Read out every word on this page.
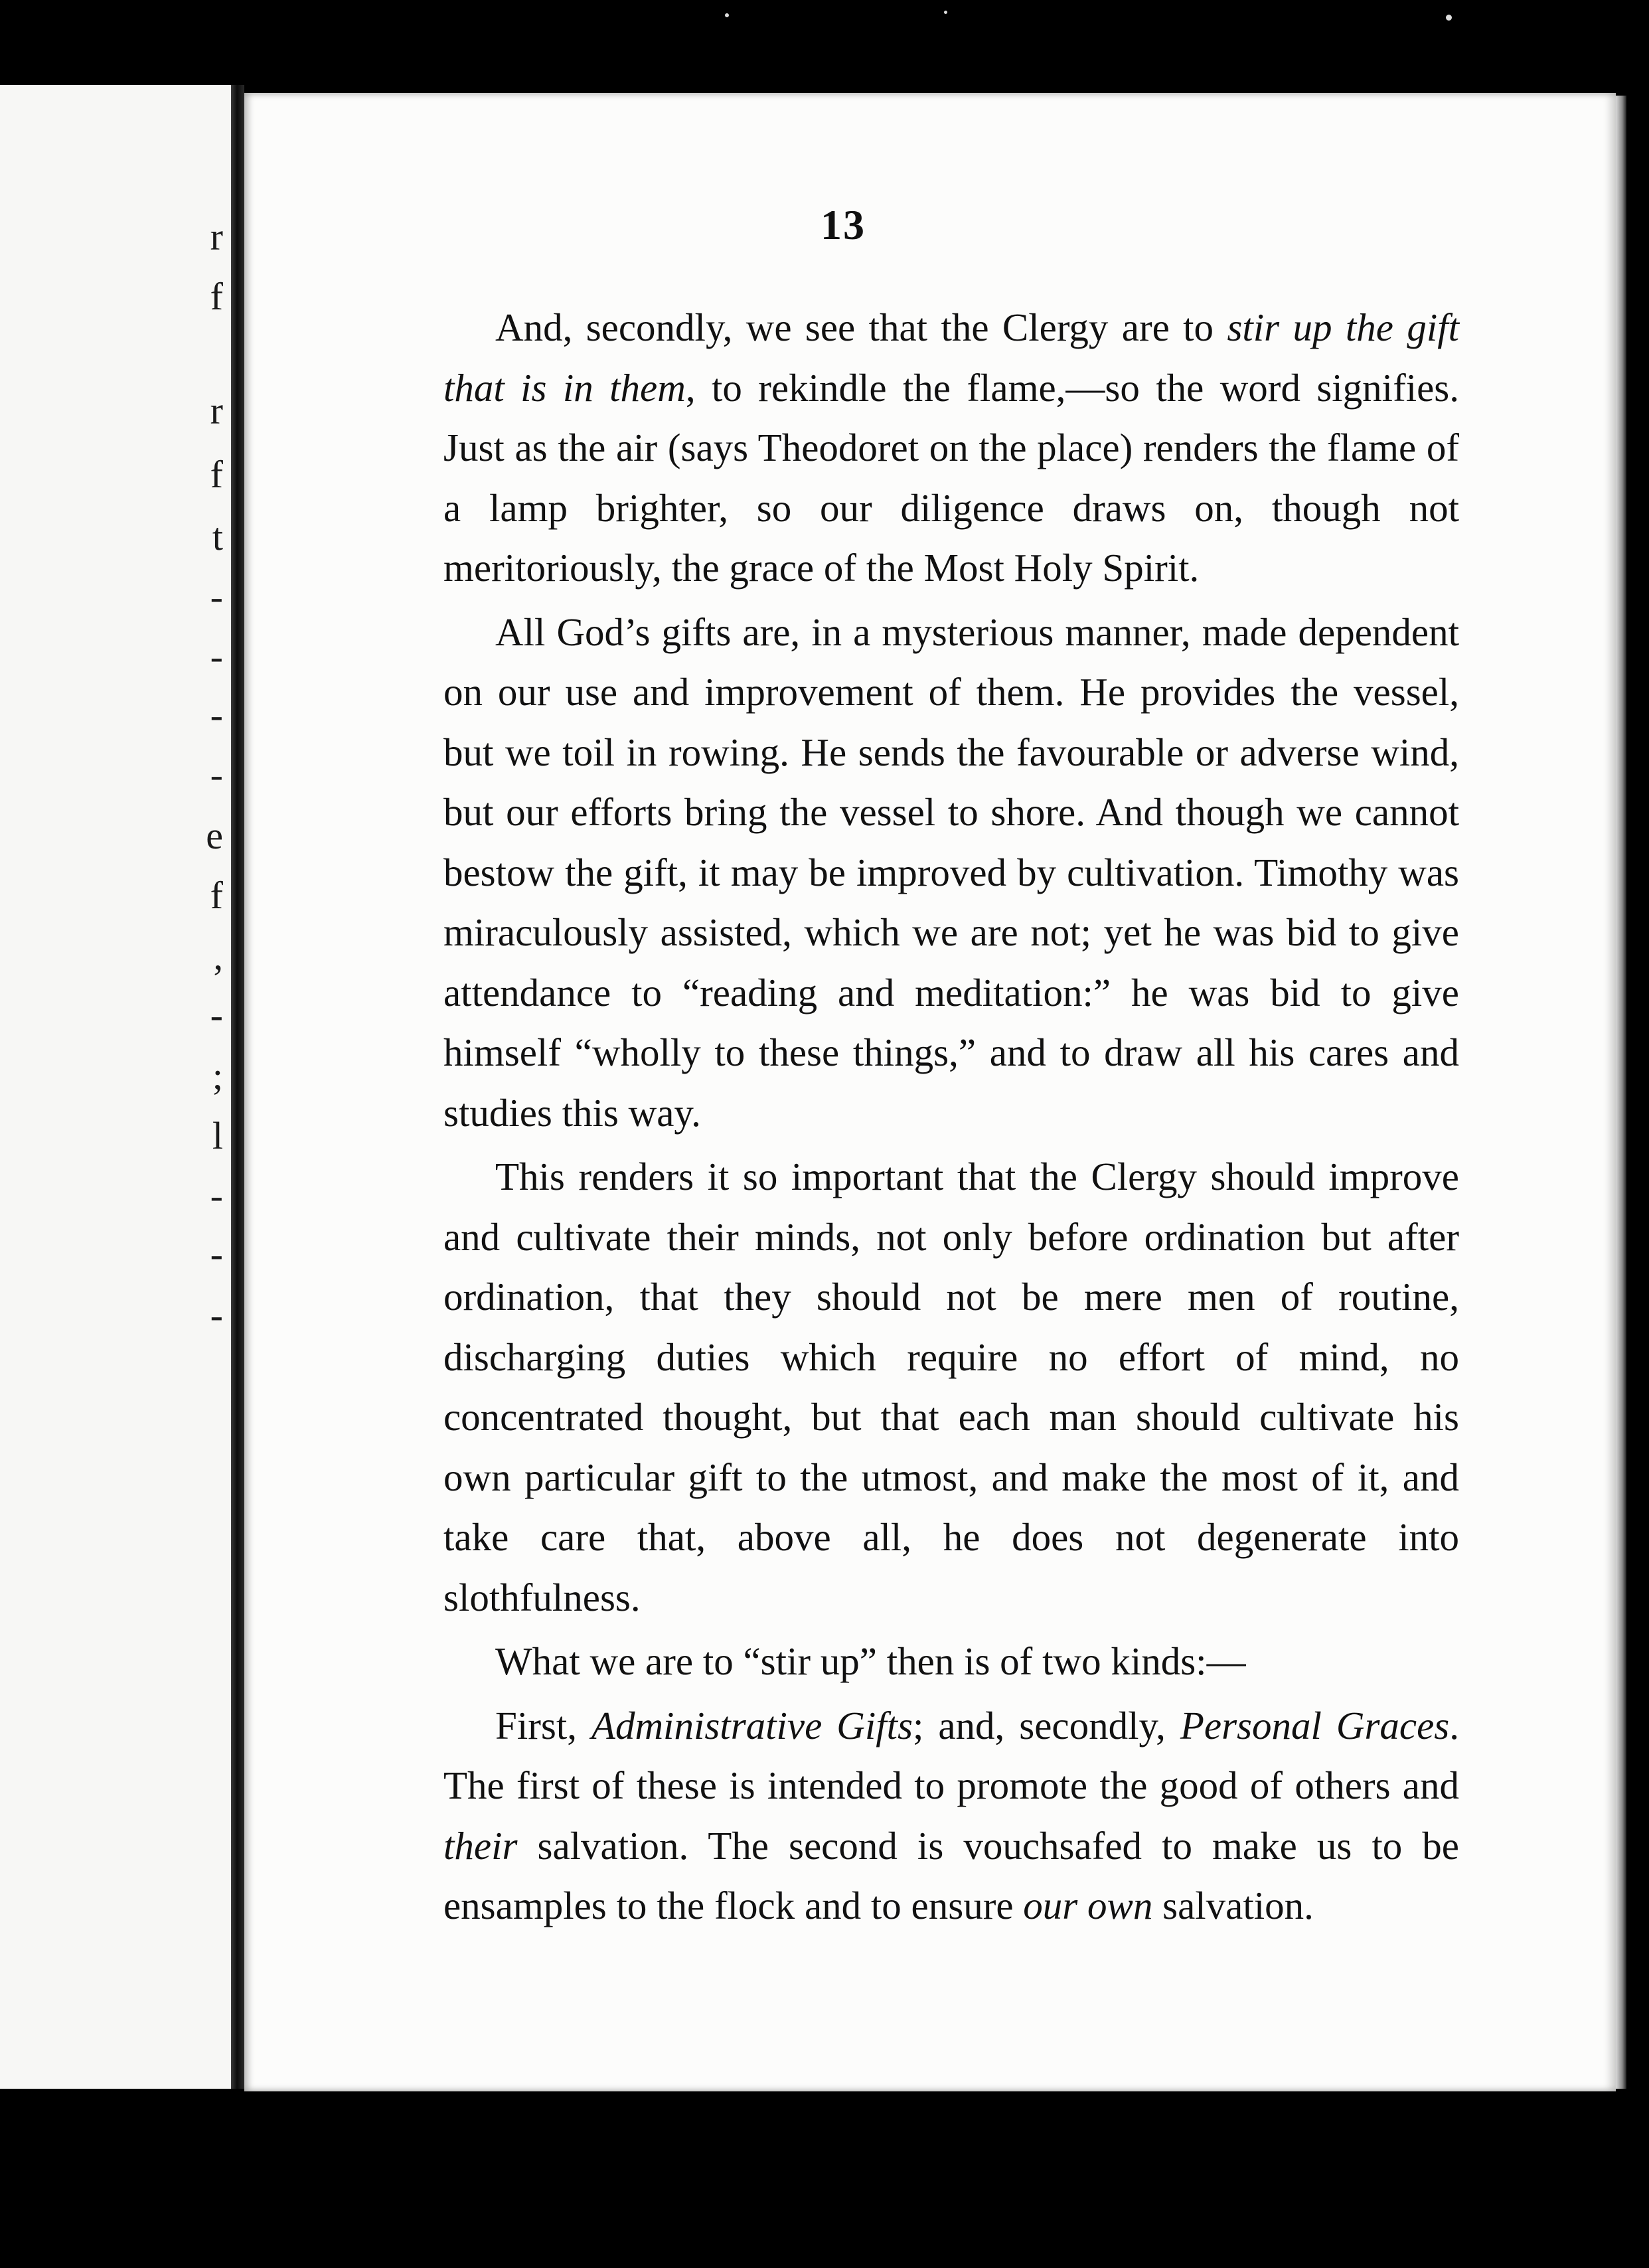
r
f
r
f
t
-
-
-
-
e
f
,
-
;
l
-
-
-
13

And, secondly, we see that the Clergy are to stir up the gift that is in them, to rekindle the flame,—so the word signifies. Just as the air (says Theodoret on the place) renders the flame of a lamp brighter, so our diligence draws on, though not meritoriously, the grace of the Most Holy Spirit.

All God’s gifts are, in a mysterious manner, made dependent on our use and improvement of them. He provides the vessel, but we toil in rowing. He sends the favourable or adverse wind, but our efforts bring the vessel to shore. And though we cannot bestow the gift, it may be improved by cultivation. Timothy was miraculously assisted, which we are not; yet he was bid to give attendance to “reading and meditation:” he was bid to give himself “wholly to these things,” and to draw all his cares and studies this way.

This renders it so important that the Clergy should improve and cultivate their minds, not only before ordination but after ordination, that they should not be mere men of routine, discharging duties which require no effort of mind, no concentrated thought, but that each man should cultivate his own particular gift to the utmost, and make the most of it, and take care that, above all, he does not degenerate into slothfulness.

What we are to “stir up” then is of two kinds:—

First, Administrative Gifts; and, secondly, Personal Graces. The first of these is intended to promote the good of others and their salvation. The second is vouchsafed to make us to be ensamples to the flock and to ensure our own salvation.
